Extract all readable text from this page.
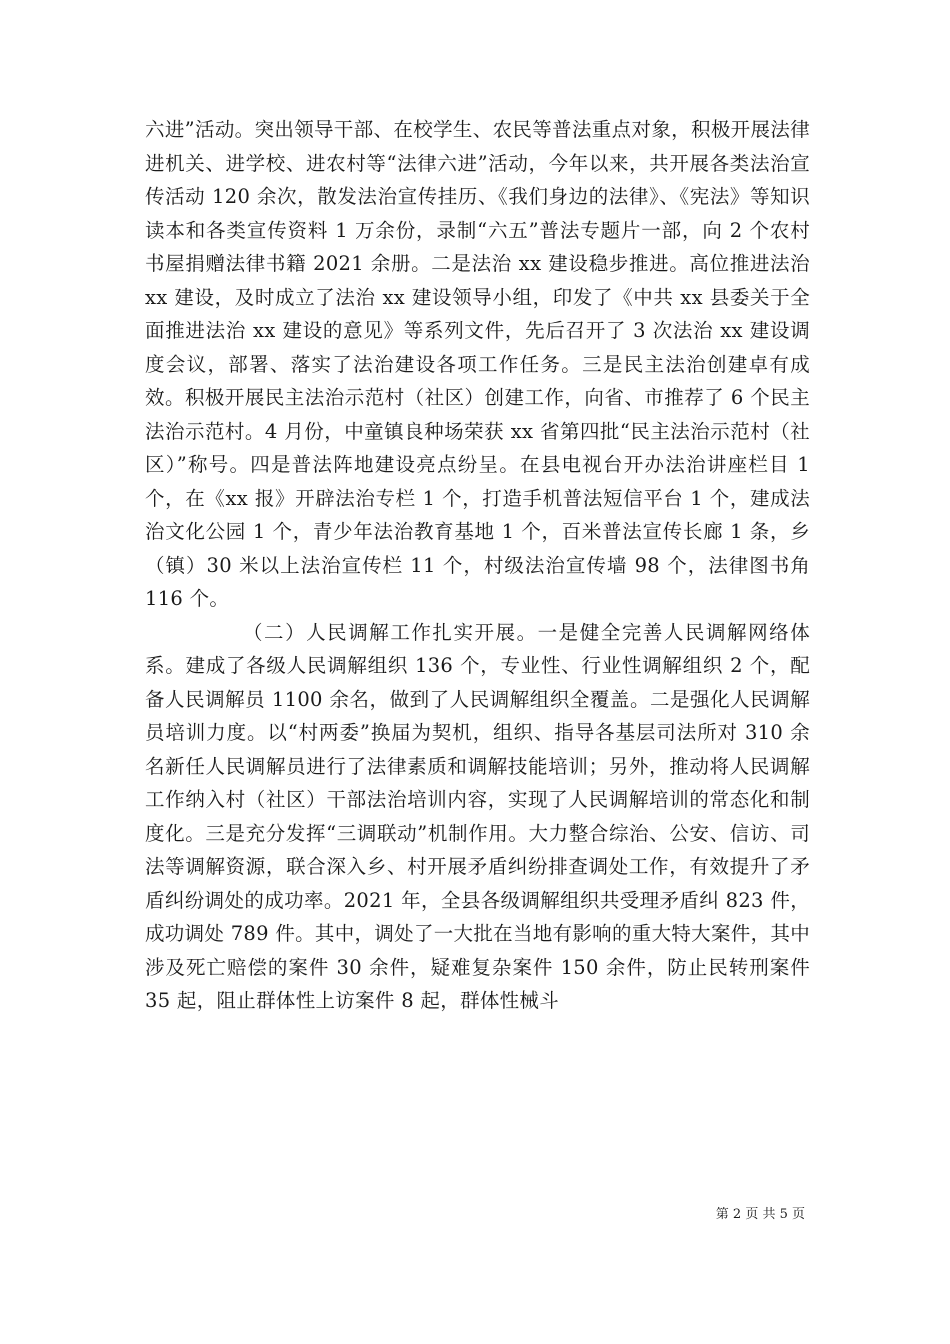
六进”活动。突出领导干部、在校学生、农民等普法重点对象，积极开展法律进机关、进学校、进农村等“法律六进”活动，今年以来，共开展各类法治宣传活动 120 余次，散发法治宣传挂历、《我们身边的法律》、《宪法》等知识读本和各类宣传资料 1 万余份，录制“六五”普法专题片一部，向 2 个农村书屋捐赠法律书籍 2021 余册。二是法治 xx 建设稳步推进。高位推进法治 xx 建设，及时成立了法治 xx 建设领导小组，印发了《中共 xx 县委关于全面推进法治 xx 建设的意见》等系列文件，先后召开了 3 次法治 xx 建设调度会议，部署、落实了法治建设各项工作任务。三是民主法治创建卓有成效。积极开展民主法治示范村（社区）创建工作，向省、市推荐了 6 个民主法治示范村。4 月份，中童镇良种场荣获 xx 省第四批“民主法治示范村（社区）”称号。四是普法阵地建设亮点纷呈。在县电视台开办法治讲座栏目 1 个，在《xx 报》开辟法治专栏 1 个，打造手机普法短信平台 1 个，建成法治文化公园 1 个，青少年法治教育基地 1 个，百米普法宣传长廊 1 条，乡（镇）30 米以上法治宣传栏 11 个，村级法治宣传墙 98 个，法律图书角 116 个。

（二）人民调解工作扎实开展。一是健全完善人民调解网络体系。建成了各级人民调解组织 136 个，专业性、行业性调解组织 2 个，配备人民调解员 1100 余名，做到了人民调解组织全覆盖。二是强化人民调解员培训力度。以“村两委”换届为契机，组织、指导各基层司法所对 310 余名新任人民调解员进行了法律素质和调解技能培训；另外，推动将人民调解工作纳入村（社区）干部法治培训内容，实现了人民调解培训的常态化和制度化。三是充分发挥“三调联动”机制作用。大力整合综治、公安、信访、司法等调解资源，联合深入乡、村开展矛盾纠纷排查调处工作，有效提升了矛盾纠纷调处的成功率。2021 年，全县各级调解组织共受理矛盾纠 823 件，成功调处 789 件。其中，调处了一大批在当地有影响的重大特大案件，其中涉及死亡赔偿的案件 30 余件，疑难复杂案件 150 余件，防止民转刑案件 35 起，阻止群体性上访案件 8 起，群体性械斗

第 2 页 共 5 页
